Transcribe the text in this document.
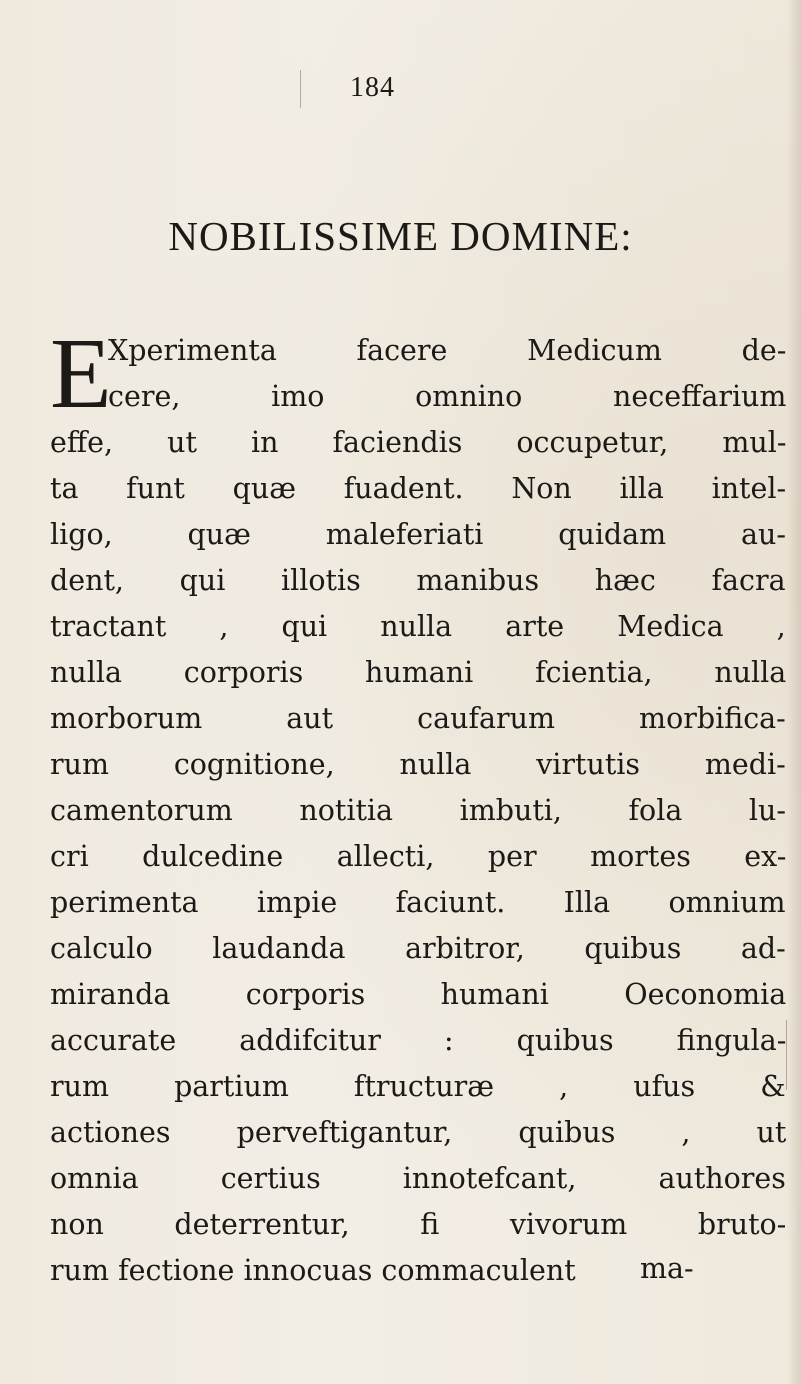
184
NOBILISSIME DOMINE:
E
Xperimenta facere Medicum de-
cere, imo omnino neceffarium
effe, ut in faciendis occupetur, mul-
ta funt quæ fuadent. Non illa intel-
ligo, quæ maleferiati quidam au-
dent, qui illotis manibus hæc facra
tractant , qui nulla arte Medica ,
nulla corporis humani fcientia, nulla
morborum aut caufarum morbifica-
rum cognitione, nulla virtutis medi-
camentorum notitia imbuti, fola lu-
cri dulcedine allecti, per mortes ex-
perimenta impie faciunt. Illa omnium
calculo laudanda arbitror, quibus ad-
miranda corporis humani Oeconomia
accurate addifcitur : quibus fingula-
rum partium ftructuræ , ufus &
actiones perveftigantur, quibus , ut
omnia certius innotefcant, authores
non deterrentur, fi vivorum bruto-
rum fectione innocuas commaculent ma-
